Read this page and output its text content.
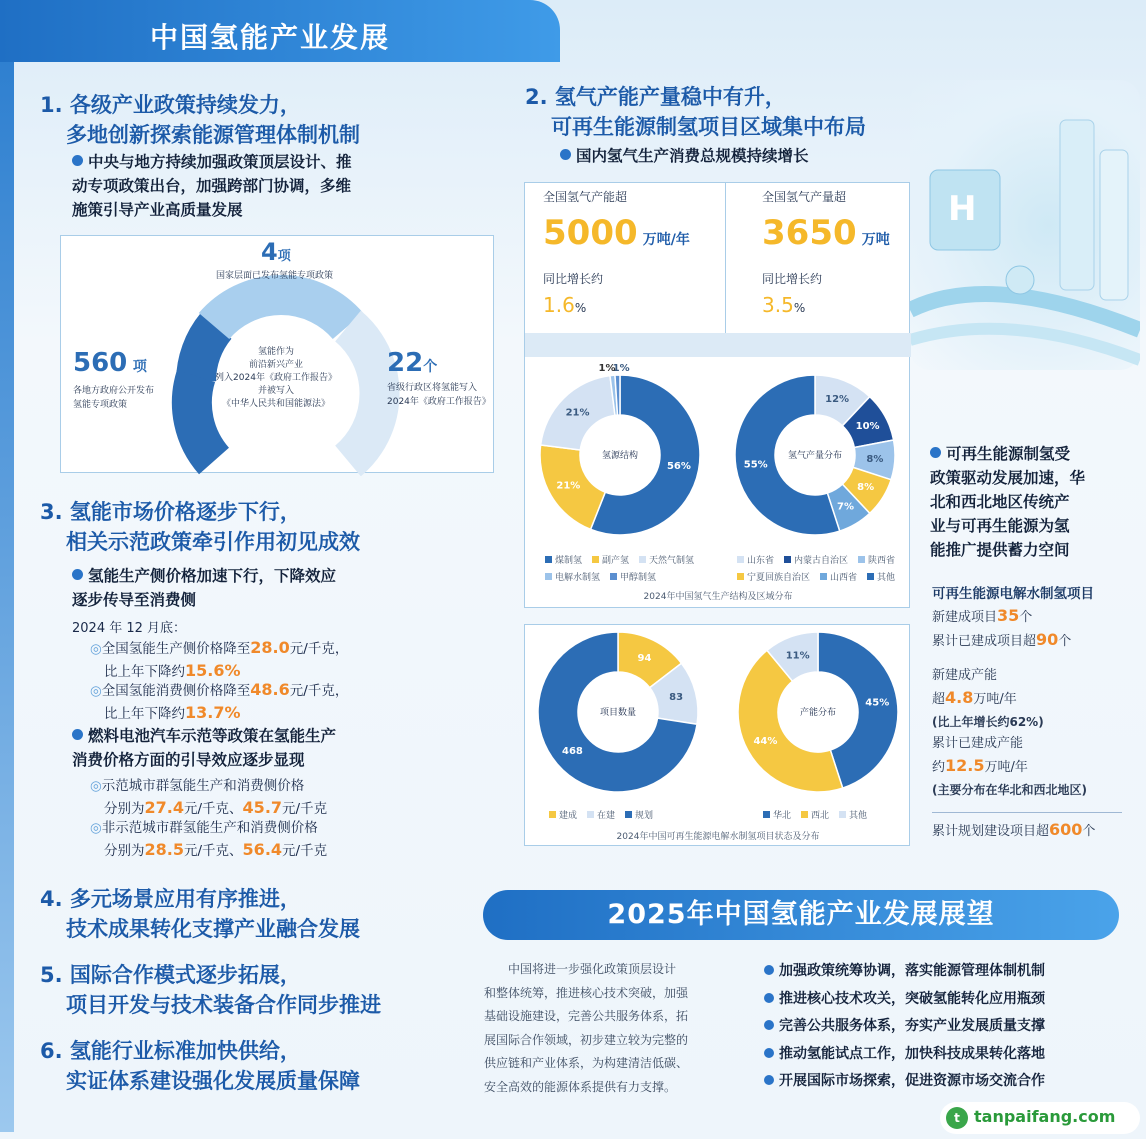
中国氢能产业发展
H
1. 各级产业政策持续发力，
多地创新探索能源管理体制机制
中央与地方持续加强政策顶层设计、推
动专项政策出台，加强跨部门协调，多维
施策引导产业高质量发展
4项
国家层面已发布氢能专项政策
560 项
各地方政府公开发布
氢能专项政策
22个
省级行政区将氢能写入
2024年《政府工作报告》
氢能作为
前沿新兴产业
列入2024年《政府工作报告》
并被写入
《中华人民共和国能源法》
2. 氢气产能产量稳中有升，
可再生能源制氢项目区域集中布局
国内氢气生产消费总规模持续增长
全国氢气产能超
5000 万吨/年
同比增长约
1.6%
全国氢气产量超
3650 万吨
同比增长约
3.5%
56%
21%
21%
1%
1%
氢源结构
12%
10%
8%
8%
7%
55%
氢气产量分布
煤制氢 副产氢 天然气制氢电解水制氢 甲醇制氢
山东省 内蒙古自治区 陕西省宁夏回族自治区 山西省 其他
2024年中国氢气生产结构及区域分布
94
83
468
项目数量
45%
44%
11%
产能分布
建成 在建 规划	华北 西北 其他
2024年中国可再生能源电解水制氢项目状态及分布
3. 氢能市场价格逐步下行，
相关示范政策牵引作用初见成效
氢能生产侧价格加速下行，下降效应
逐步传导至消费侧
2024 年 12 月底：
◎全国氢能生产侧价格降至28.0元/千克，
比上年下降约15.6%
◎全国氢能消费侧价格降至48.6元/千克，
比上年下降约13.7%
燃料电池汽车示范等政策在氢能生产
消费价格方面的引导效应逐步显现
◎示范城市群氢能生产和消费侧价格
分别为27.4元/千克、45.7元/千克
◎非示范城市群氢能生产和消费侧价格
分别为28.5元/千克、56.4元/千克
4. 多元场景应用有序推进，
技术成果转化支撑产业融合发展
5. 国际合作模式逐步拓展，
项目开发与技术装备合作同步推进
6. 氢能行业标准加快供给，
实证体系建设强化发展质量保障
可再生能源制氢受
政策驱动发展加速，华
北和西北地区传统产
业与可再生能源为氢
能推广提供蓄力空间
可再生能源电解水制氢项目
新建成项目35个
累计已建成项目超90个
新建成产能
超4.8万吨/年
(比上年增长约62%)
累计已建成产能
约12.5万吨/年
(主要分布在华北和西北地区)
累计规划建设项目超600个
2025年中国氢能产业发展展望
中国将进一步强化政策顶层设计
和整体统筹，推进核心技术突破，加强
基础设施建设，完善公共服务体系，拓
展国际合作领域，初步建立较为完整的
供应链和产业体系，为构建清洁低碳、
安全高效的能源体系提供有力支撑。
加强政策统筹协调，落实能源管理体制机制
推进核心技术攻关，突破氢能转化应用瓶颈
完善公共服务体系，夯实产业发展质量支撑
推动氢能试点工作，加快科技成果转化落地
开展国际市场探索，促进资源市场交流合作
t tanpaifang.com
